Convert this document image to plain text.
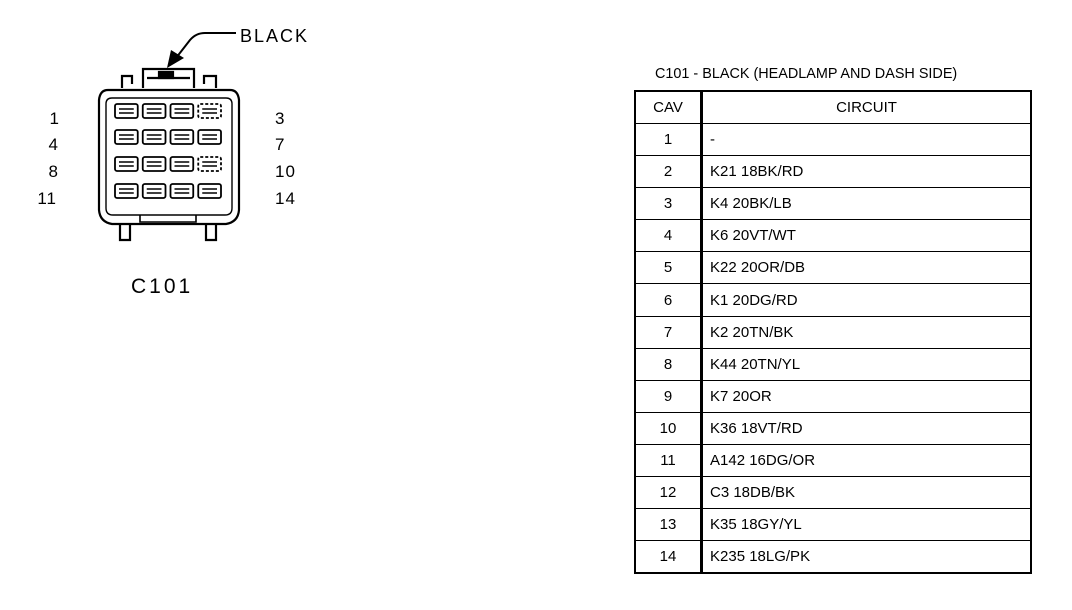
BLACK
1
4
8
11
3
7
10
14
C101
C101 - BLACK (HEADLAMP AND DASH SIDE)
CAV	CIRCUIT
1	-
2	K21 18BK/RD
3	K4 20BK/LB
4	K6 20VT/WT
5	K22 20OR/DB
6	K1 20DG/RD
7	K2 20TN/BK
8	K44 20TN/YL
9	K7 20OR
10	K36 18VT/RD
11	A142 16DG/OR
12	C3 18DB/BK
13	K35 18GY/YL
14	K235 18LG/PK
